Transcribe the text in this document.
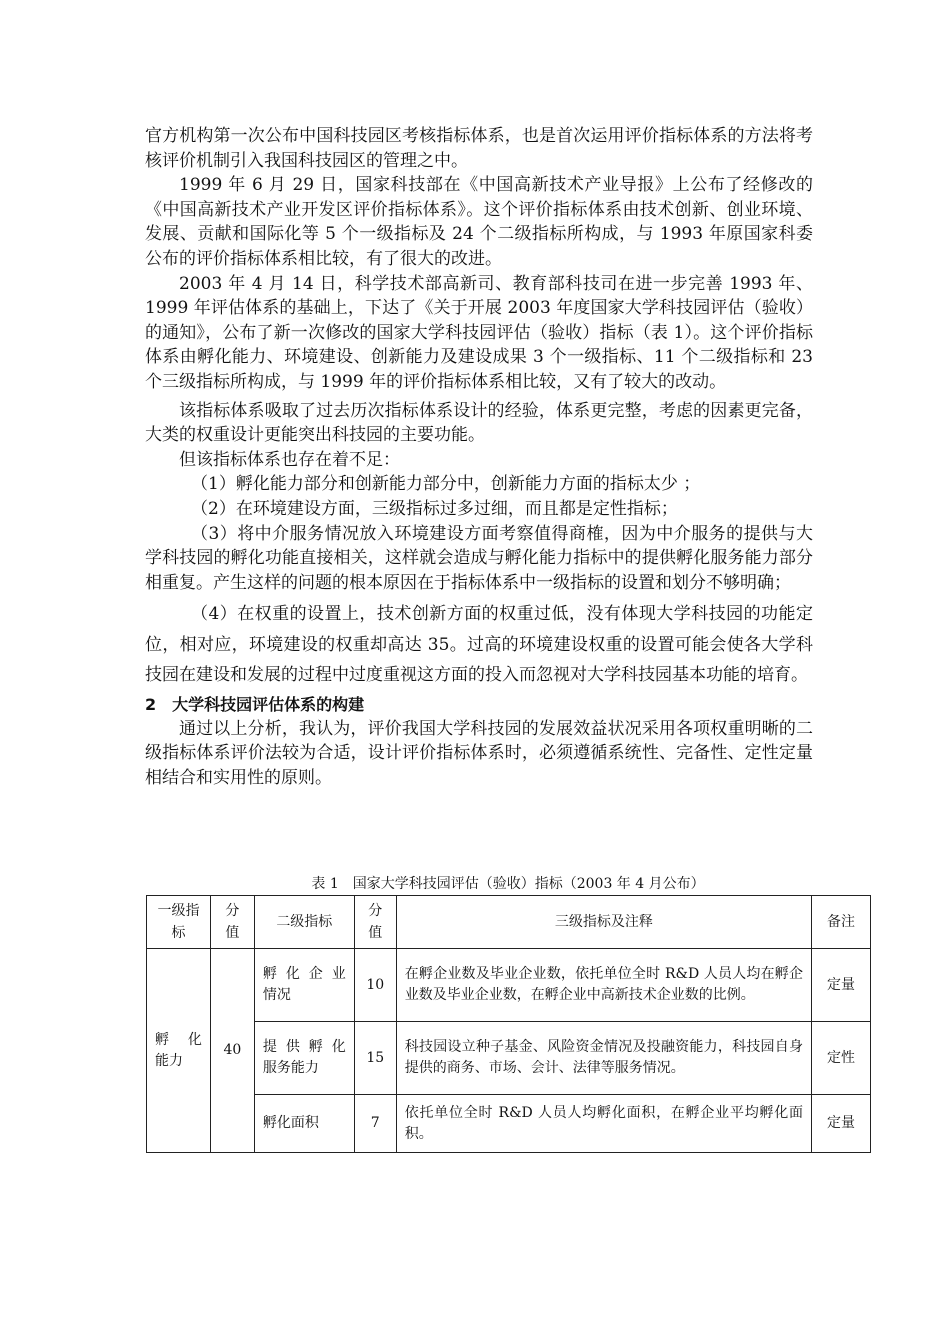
官方机构第一次公布中国科技园区考核指标体系，也是首次运用评价指标体系的方法将考核评价机制引入我国科技园区的管理之中。

1999 年 6 月 29 日，国家科技部在《中国高新技术产业导报》上公布了经修改的《中国高新技术产业开发区评价指标体系》。这个评价指标体系由技术创新、创业环境、发展、贡献和国际化等 5 个一级指标及 24 个二级指标所构成，与 1993 年原国家科委公布的评价指标体系相比较，有了很大的改进。

2003 年 4 月 14 日，科学技术部高新司、教育部科技司在进一步完善 1993 年、1999 年评估体系的基础上，下达了《关于开展 2003 年度国家大学科技园评估（验收）的通知》，公布了新一次修改的国家大学科技园评估（验收）指标（表 1）。这个评价指标体系由孵化能力、环境建设、创新能力及建设成果 3 个一级指标、11 个二级指标和 23 个三级指标所构成，与 1999 年的评价指标体系相比较，又有了较大的改动。

该指标体系吸取了过去历次指标体系设计的经验，体系更完整，考虑的因素更完备，大类的权重设计更能突出科技园的主要功能。

但该指标体系也存在着不足：

（1）孵化能力部分和创新能力部分中，创新能力方面的指标太少 ；

（2）在环境建设方面，三级指标过多过细，而且都是定性指标；

（3）将中介服务情况放入环境建设方面考察值得商榷，因为中介服务的提供与大学科技园的孵化功能直接相关，这样就会造成与孵化能力指标中的提供孵化服务能力部分相重复。产生这样的问题的根本原因在于指标体系中一级指标的设置和划分不够明确；

（4）在权重的设置上，技术创新方面的权重过低，没有体现大学科技园的功能定位，相对应，环境建设的权重却高达 35。过高的环境建设权重的设置可能会使各大学科技园在建设和发展的过程中过度重视这方面的投入而忽视对大学科技园基本功能的培育。

2　大学科技园评估体系的构建

通过以上分析，我认为，评价我国大学科技园的发展效益状况采用各项权重明晰的二级指标体系评价法较为合适，设计评价指标体系时，必须遵循系统性、完备性、定性定量相结合和实用性的原则。

表 1　国家大学科技园评估（验收）指标（2003 年 4 月公布）
一级指标	分值	二级指标	分值	三级指标及注释	备注
孵 化 能力	40	孵 化 企 业 情况	10	在孵企业数及毕业企业数，依托单位全时 R&D 人员人均在孵企业数及毕业企业数，在孵企业中高新技术企业数的比例。	定量
		提 供 孵 化 服务能力	15	科技园设立种子基金、风险资金情况及投融资能力，科技园自身提供的商务、市场、会计、法律等服务情况。	定性
		孵化面积	7	依托单位全时 R&D 人员人均孵化面积，在孵企业平均孵化面积。	定量
